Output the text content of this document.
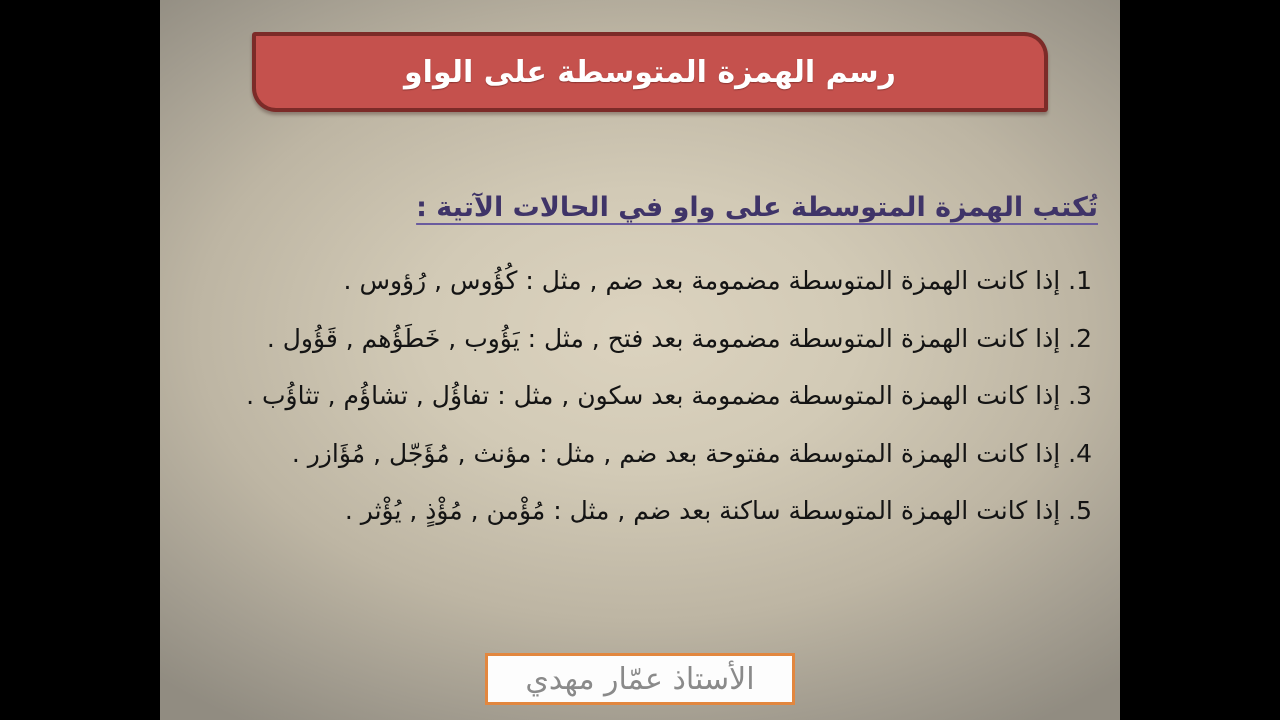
رسم الهمزة المتوسطة على الواو
تُكتب الهمزة المتوسطة على واو في الحالات الآتية :
1. إذا كانت الهمزة المتوسطة مضمومة بعد ضم , مثل : كُؤُوس , رُؤوس .
2. إذا كانت الهمزة المتوسطة مضمومة بعد فتح , مثل : يَؤُوب , خَطَؤُهم , قَؤُول .
3. إذا كانت الهمزة المتوسطة مضمومة بعد سكون , مثل : تفاؤُل , تشاؤُم , تثاؤُب .
4. إذا كانت الهمزة المتوسطة مفتوحة بعد ضم , مثل : مؤنث , مُؤَجّل , مُؤَازر .
5. إذا كانت الهمزة المتوسطة ساكنة بعد ضم , مثل : مُؤْمن , مُؤْذٍ , يُؤْثر .
الأستاذ عمّار مهدي
